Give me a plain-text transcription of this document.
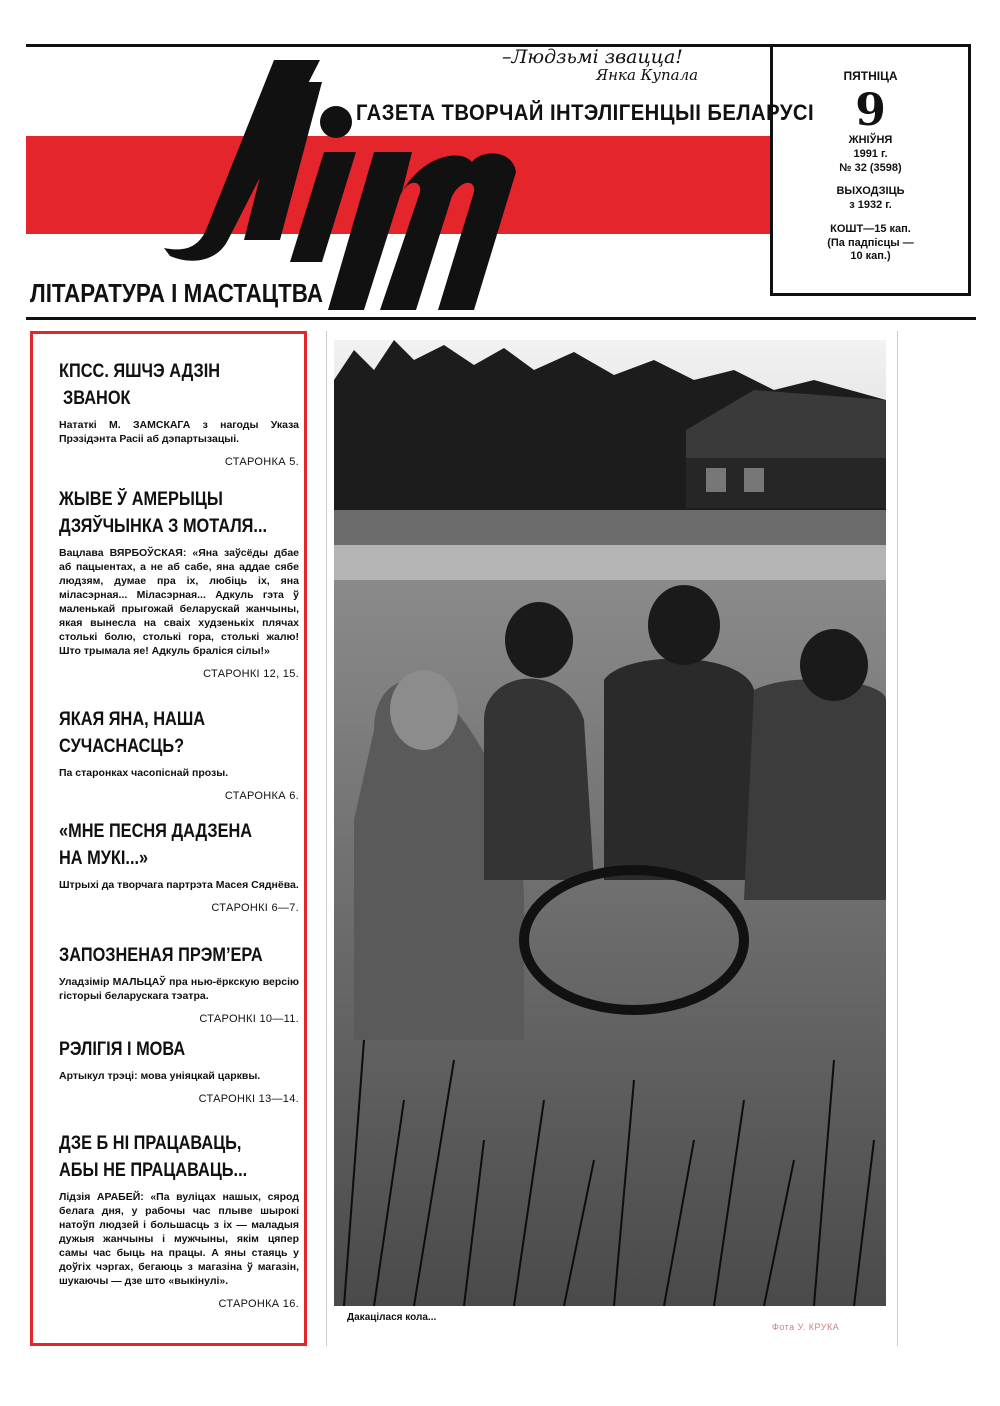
–Людзьмі звацца!
Янка Купала
ГАЗЕТА ТВОРЧАЙ ІНТЭЛІГЕНЦЫІ БЕЛАРУСІ
ЛІТАРАТУРА І МАСТАЦТВА
ПЯТНІЦА
9
ЖНІЎНЯ
1991 г.
№ 32 (3598)
ВЫХОДЗІЦЬ
з 1932 г.
КОШТ—15 кап.
(Па падпісцы —
10 кап.)
КПСС. ЯШЧЭ АДЗІН
ЗВАНОК

Нататкі М. ЗАМСКАГА з нагоды Указа Прэзідэнта Расіі аб дэпартызацыі.

СТАРОНКА 5.
ЖЫВЕ Ў АМЕРЫЦЫ
ДЗЯЎЧЫНКА З МОТАЛЯ...

Вацлава ВЯРБОЎСКАЯ: «Яна заўсёды дбае аб пацыентах, а не аб сабе, яна аддае сябе людзям, думае пра іх, любіць іх, яна міласэрная... Міласэрная... Адкуль гэта ў маленькай прыгожай беларускай жанчыны, якая вынесла на сваіх худзенькіх плячах столькі болю, столькі гора, столькі жалю! Што трымала яе! Адкуль браліся сілы!»

СТАРОНКІ 12, 15.
ЯКАЯ ЯНА, НАША
СУЧАСНАСЦЬ?

Па старонках часопіснай прозы.

СТАРОНКА 6.
«МНЕ ПЕСНЯ ДАДЗЕНА
НА МУКІ...»

Штрыхі да творчага партрэта Масея Сяднёва.

СТАРОНКІ 6—7.
ЗАПОЗНЕНАЯ ПРЭМ’ЕРА

Уладзімір МАЛЬЦАЎ пра нью-ёркскую версію гісторыі беларускага тэатра.

СТАРОНКІ 10—11.
РЭЛІГІЯ І МОВА

Артыкул трэці: мова уніяцкай царквы.

СТАРОНКІ 13—14.
ДЗЕ Б НІ ПРАЦАВАЦЬ,
АБЫ НЕ ПРАЦАВАЦЬ...

Лідзія АРАБЕЙ: «Па вуліцах нашых, сярод белага дня, у рабочы час плыве шырокі натоўп людзей і большасць з іх — маладыя дужыя жанчыны і мужчыны, якім цяпер самы час быць на працы. А яны стаяць у доўгіх чэргах, бегаюць з магазіна ў магазін, шукаючы — дзе што «выкінулі».

СТАРОНКА 16.
Дакацілася кола...
Фота У. КРУКА
